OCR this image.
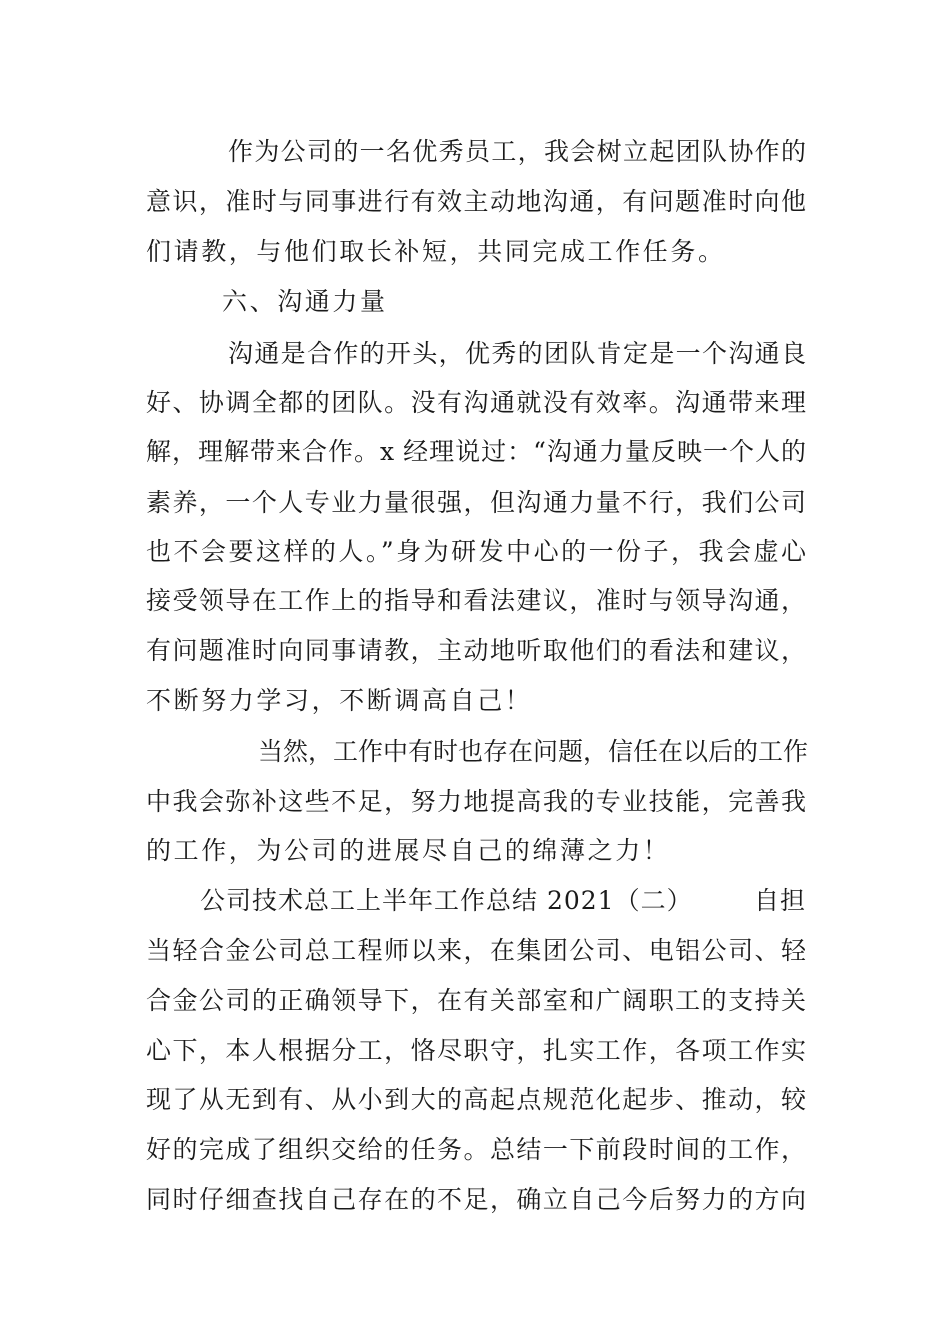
作为公司的一名优秀员工，我会树立起团队协作的
意识，准时与同事进行有效主动地沟通，有问题准时向他
们请教，与他们取长补短，共同完成工作任务。
六、沟通力量
沟通是合作的开头，优秀的团队肯定是一个沟通良
好、协调全都的团队。没有沟通就没有效率。沟通带来理
解，理解带来合作。x 经理说过：“沟通力量反映一个人的
素养，一个人专业力量很强，但沟通力量不行，我们公司
也不会要这样的人。”身为研发中心的一份子，我会虚心
接受领导在工作上的指导和看法建议，准时与领导沟通，
有问题准时向同事请教，主动地听取他们的看法和建议，
不断努力学习，不断调高自己！
当然，工作中有时也存在问题，信任在以后的工作
中我会弥补这些不足，努力地提高我的专业技能，完善我
的工作，为公司的进展尽自己的绵薄之力！
公司技术总工上半年工作总结 2021（二） 自担
当轻合金公司总工程师以来，在集团公司、电铝公司、轻
合金公司的正确领导下，在有关部室和广阔职工的支持关
心下，本人根据分工，恪尽职守，扎实工作，各项工作实
现了从无到有、从小到大的高起点规范化起步、推动，较
好的完成了组织交给的任务。总结一下前段时间的工作，
同时仔细查找自己存在的不足，确立自己今后努力的方向
